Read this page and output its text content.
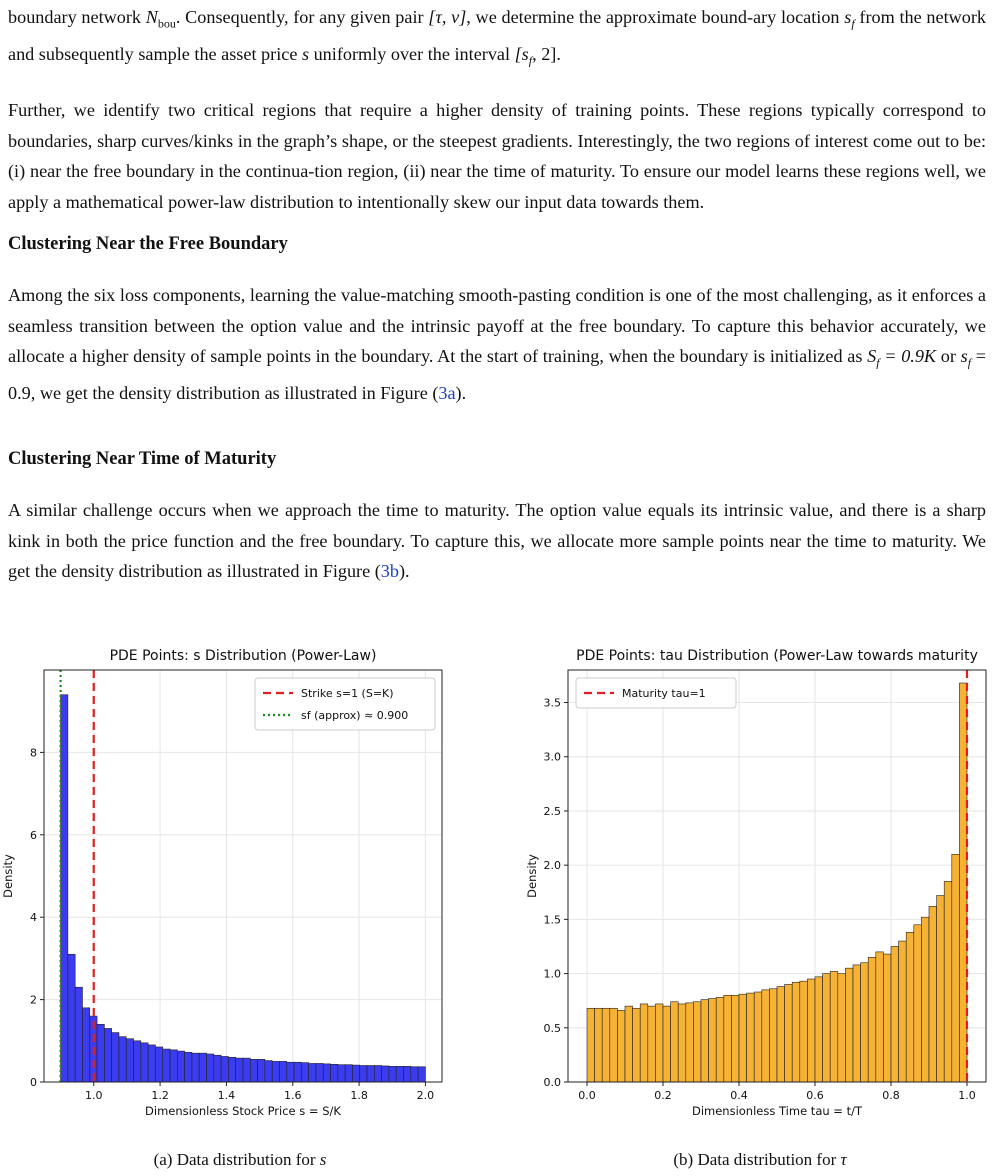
boundary network $N_{bou}$. Consequently, for any given pair [τ, v], we determine the approximate bound-ary location $s_f$ from the network and subsequently sample the asset price s uniformly over the interval [$s_f$, 2].

Further, we identify two critical regions that require a higher density of training points. These regions typically correspond to boundaries, sharp curves/kinks in the graph’s shape, or the steepest gradients. Interestingly, the two regions of interest come out to be: (i) near the free boundary in the continua-tion region, (ii) near the time of maturity. To ensure our model learns these regions well, we apply a mathematical power-law distribution to intentionally skew our input data towards them.

Clustering Near the Free Boundary

Among the six loss components, learning the value-matching smooth-pasting condition is one of the most challenging, as it enforces a seamless transition between the option value and the intrinsic payoff at the free boundary. To capture this behavior accurately, we allocate a higher density of sample points in the boundary. At the start of training, when the boundary is initialized as $S_f = 0.9K$ or $s_f = 0.9$, we get the density distribution as illustrated in Figure (3a).

Clustering Near Time of Maturity

A similar challenge occurs when we approach the time to maturity. The option value equals its intrinsic value, and there is a sharp kink in both the price function and the free boundary. To capture this, we allocate more sample points near the time to maturity. We get the density distribution as illustrated in Figure (3b).

PDE Points: s Distribution (Power-Law)
1.0	1.2	1.4	1.6	1.8	2.0
0
2
4
6
8
Dimensionless Stock Price s = S/K
Density
Strike s=1 (S=K)
sf (approx) ≈ 0.900
PDE Points: tau Distribution (Power-Law towards maturity
0.0	0.2	0.4	0.6	0.8	1.0
0.0
0.5
1.0
1.5
2.0
2.5
3.0
3.5
Dimensionless Time tau = t/T
Density
Maturity tau=1
(a) Data distribution for s	(b) Data distribution for τ
